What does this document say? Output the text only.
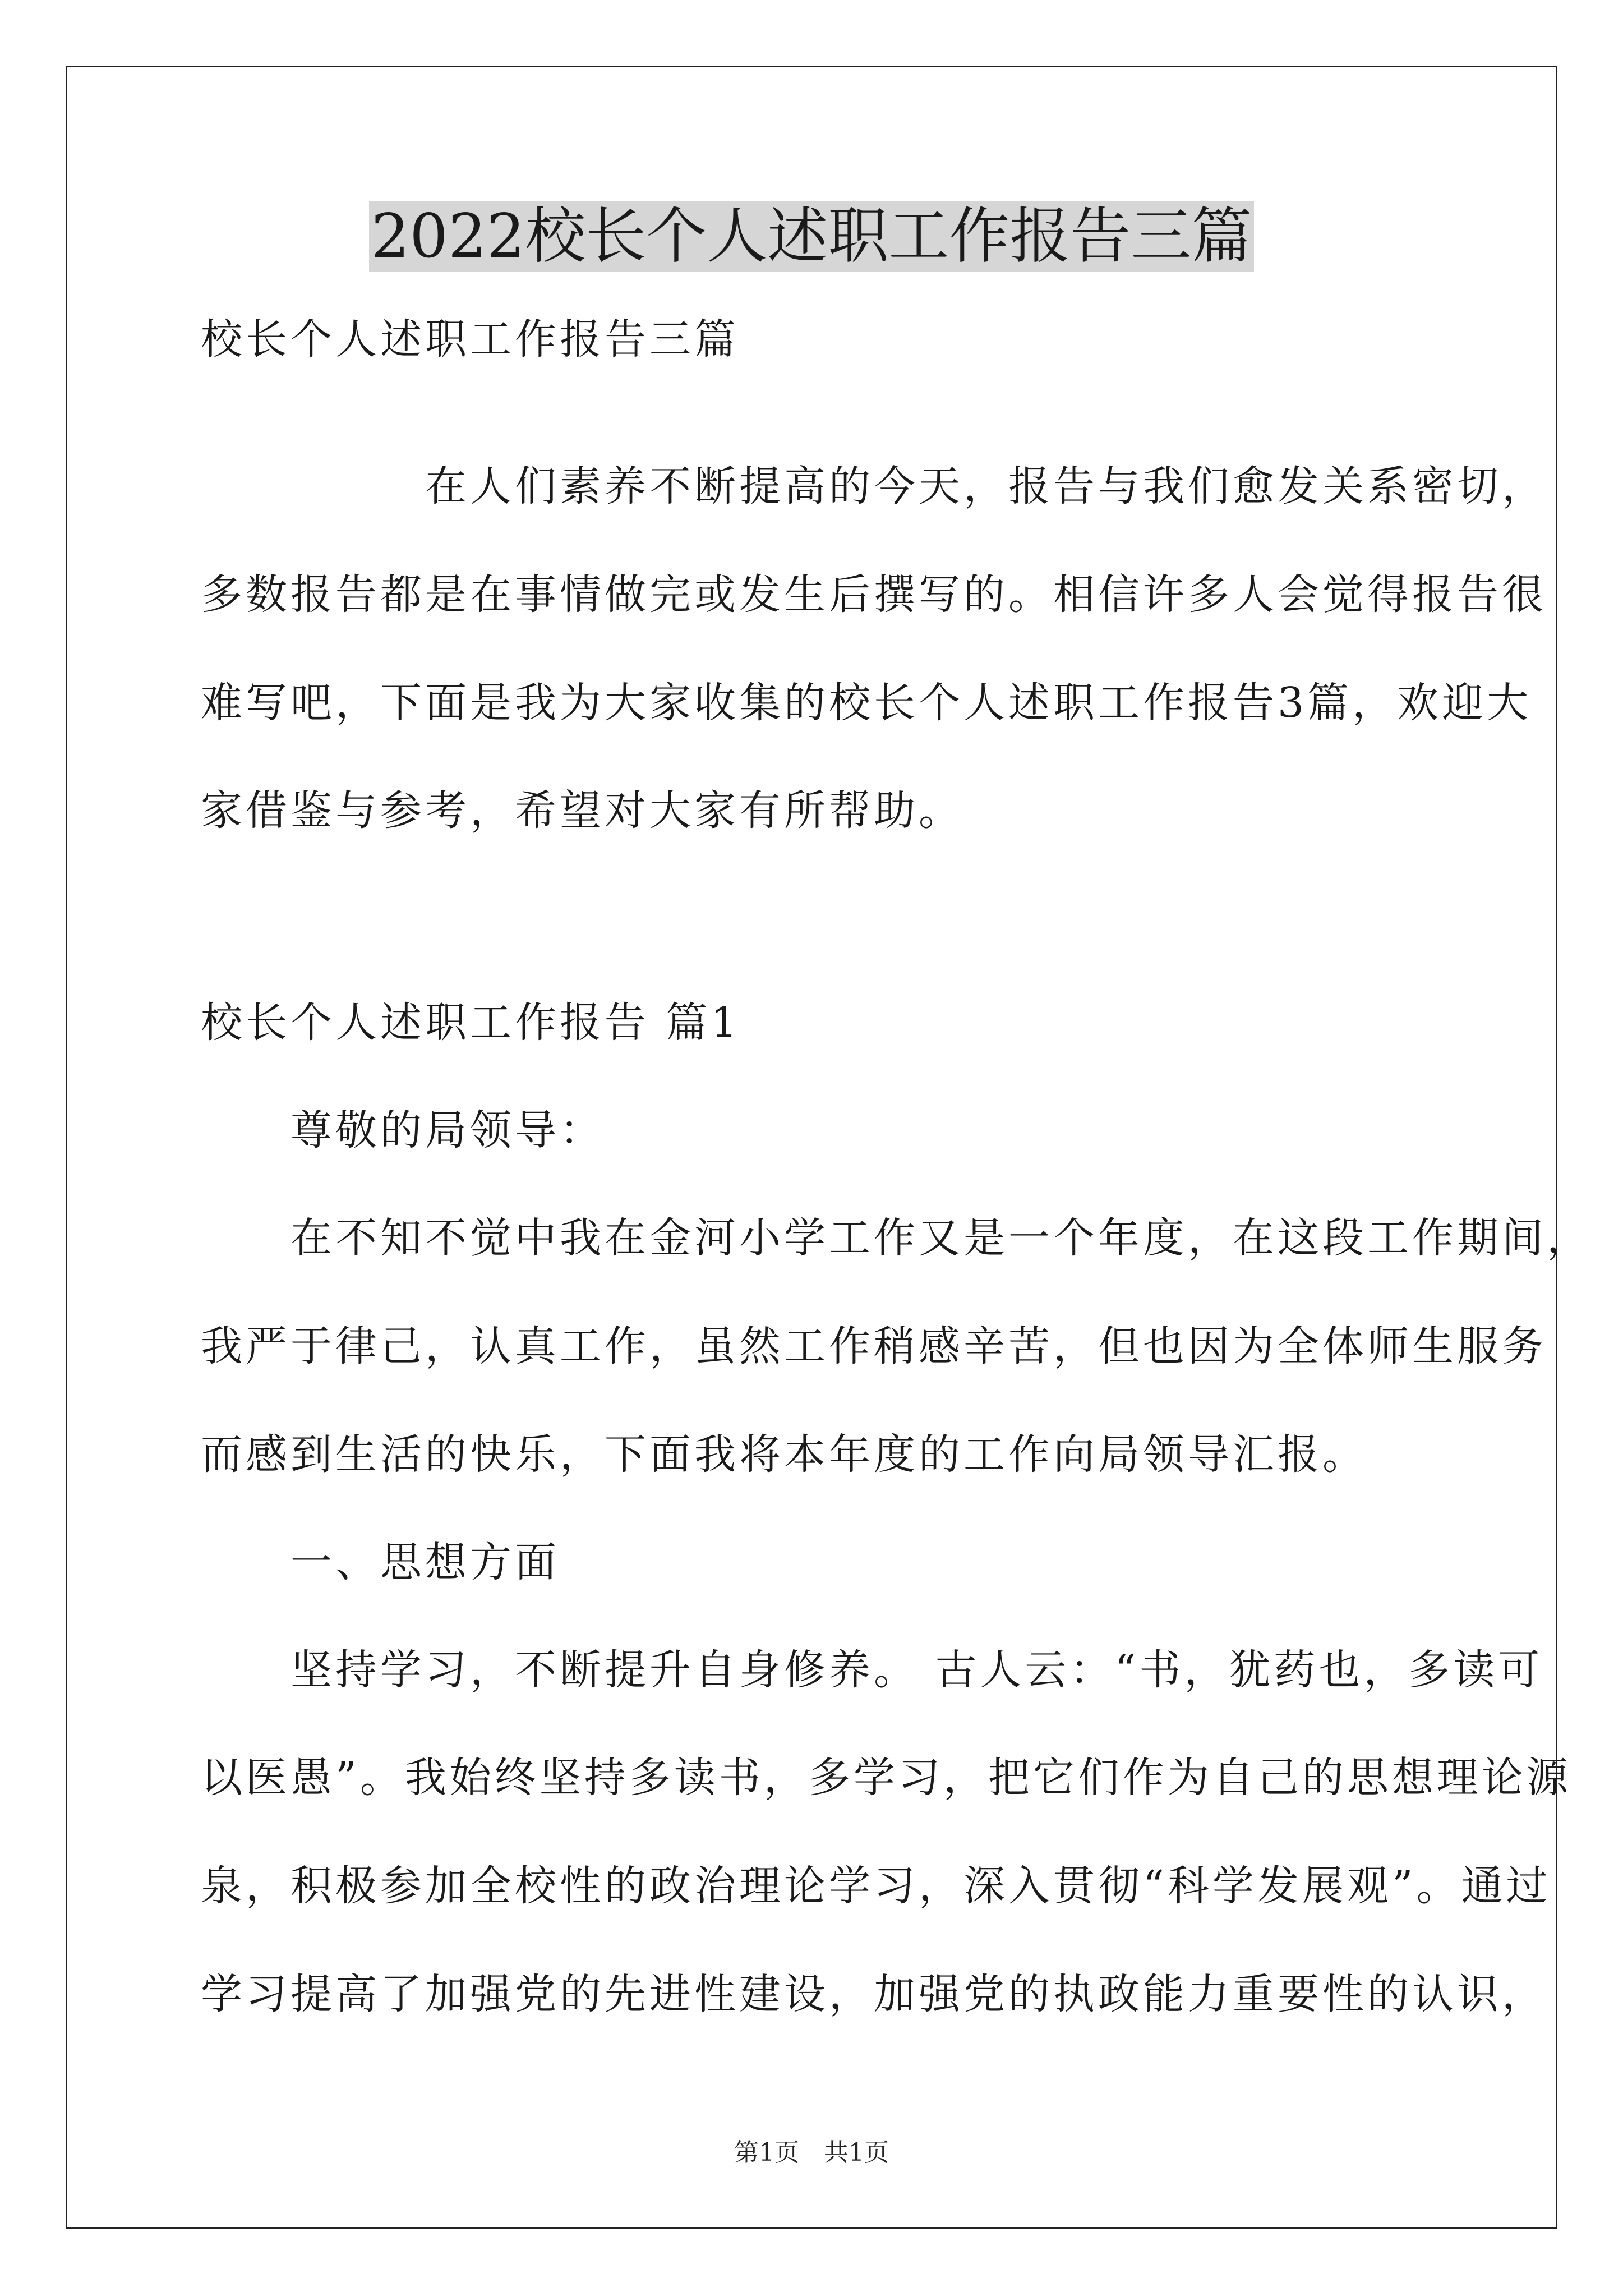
2022校长个人述职工作报告三篇
校长个人述职工作报告三篇
　　　　　在人们素养不断提高的今天，报告与我们愈发关系密切，
多数报告都是在事情做完或发生后撰写的。相信许多人会觉得报告很
难写吧，下面是我为大家收集的校长个人述职工作报告3篇，欢迎大
家借鉴与参考，希望对大家有所帮助。
校长个人述职工作报告 篇1
　　尊敬的局领导：
　　在不知不觉中我在金河小学工作又是一个年度，在这段工作期间，
我严于律己，认真工作，虽然工作稍感辛苦，但也因为全体师生服务
而感到生活的快乐，下面我将本年度的工作向局领导汇报。
　　一、思想方面
　　坚持学习，不断提升自身修养。 古人云：“书，犹药也，多读可
以医愚”。我始终坚持多读书，多学习，把它们作为自己的思想理论源
泉，积极参加全校性的政治理论学习，深入贯彻“科学发展观”。通过
学习提高了加强党的先进性建设，加强党的执政能力重要性的认识，
第1页　共1页
